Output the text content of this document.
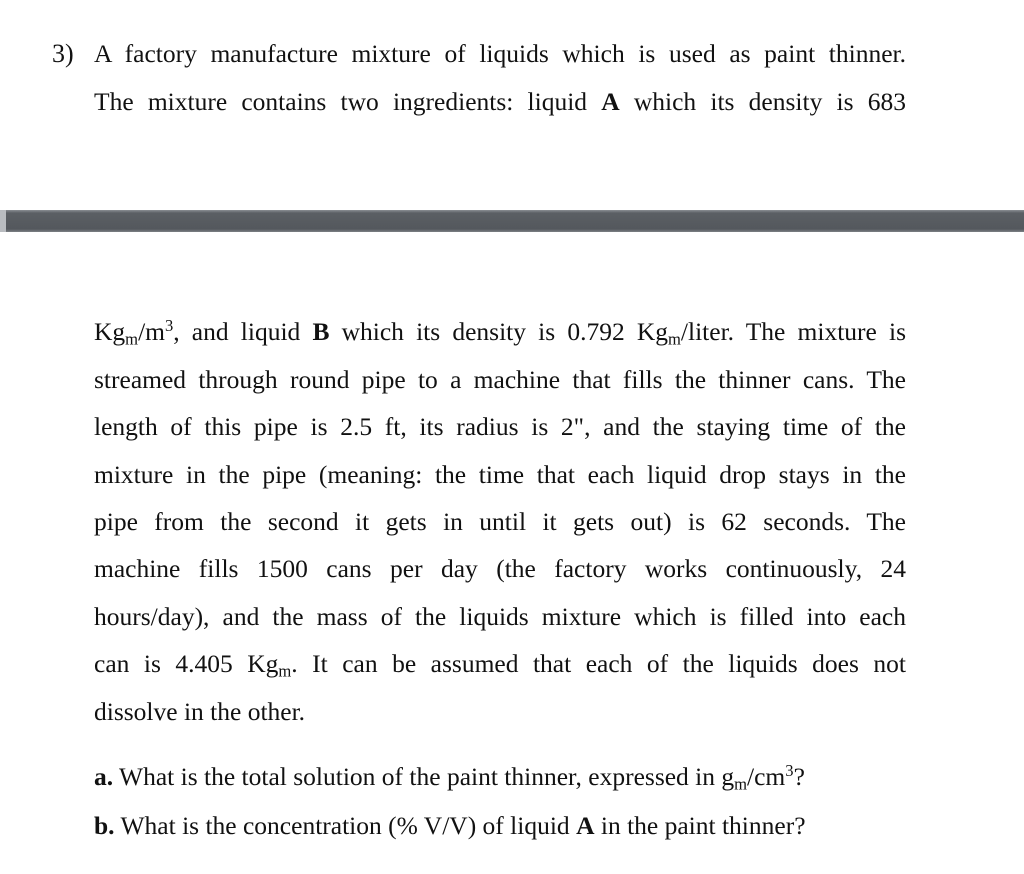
3) A factory manufacture mixture of liquids which is used as paint thinner.
The mixture contains two ingredients: liquid A which its density is 683
$Kg_m/m^3$, and liquid B which its density is 0.792 $Kg_m$/liter. The mixture is
streamed through round pipe to a machine that fills the thinner cans. The
length of this pipe is 2.5 ft, its radius is 2", and the staying time of the
mixture in the pipe (meaning: the time that each liquid drop stays in the
pipe from the second it gets in until it gets out) is 62 seconds. The
machine fills 1500 cans per day (the factory works continuously, 24
hours/day), and the mass of the liquids mixture which is filled into each
can is 4.405 $Kg_m$. It can be assumed that each of the liquids does not
dissolve in the other.
a. What is the total solution of the paint thinner, expressed in $g_m/cm^3$?
b. What is the concentration (% V/V) of liquid A in the paint thinner?
